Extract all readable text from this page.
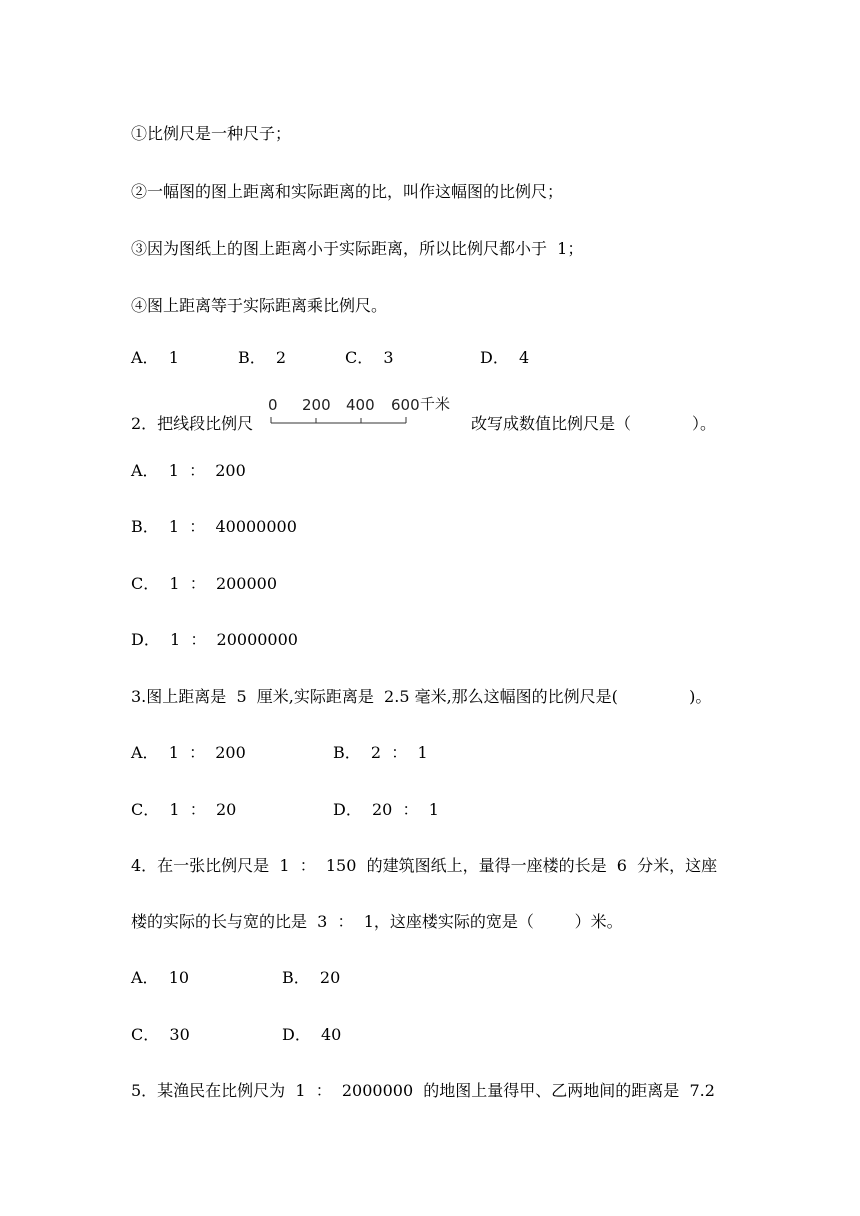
①比例尺是一种尺子；
②一幅图的图上距离和实际距离的比，叫作这幅图的比例尺；
③因为图纸上的图上距离小于实际距离，所以比例尺都小于  1；
④图上距离等于实际距离乘比例尺。
A．  1	B．  2	C．  3	D．  4
2．把线段比例尺
0 200 400 600 千米
改写成数值比例尺是（            ）。
A．  1  ：  200
B．  1  ：  40000000
C．  1  ：  200000
D．  1  ：  20000000
3.图上距离是  5  厘米,实际距离是  2.5 毫米,那么这幅图的比例尺是(              )。
A．  1  ：  200	B．  2  ：  1
C．  1  ：  20	D．  20  ：  1
4．在一张比例尺是  1  ：  150  的建筑图纸上，量得一座楼的长是  6  分米，这座
楼的实际的长与宽的比是  3  ：  1，这座楼实际的宽是（        ）米。
A．  10	B．  20
C．  30	D．  40
5．某渔民在比例尺为  1  ：  2000000  的地图上量得甲、乙两地间的距离是  7.2
